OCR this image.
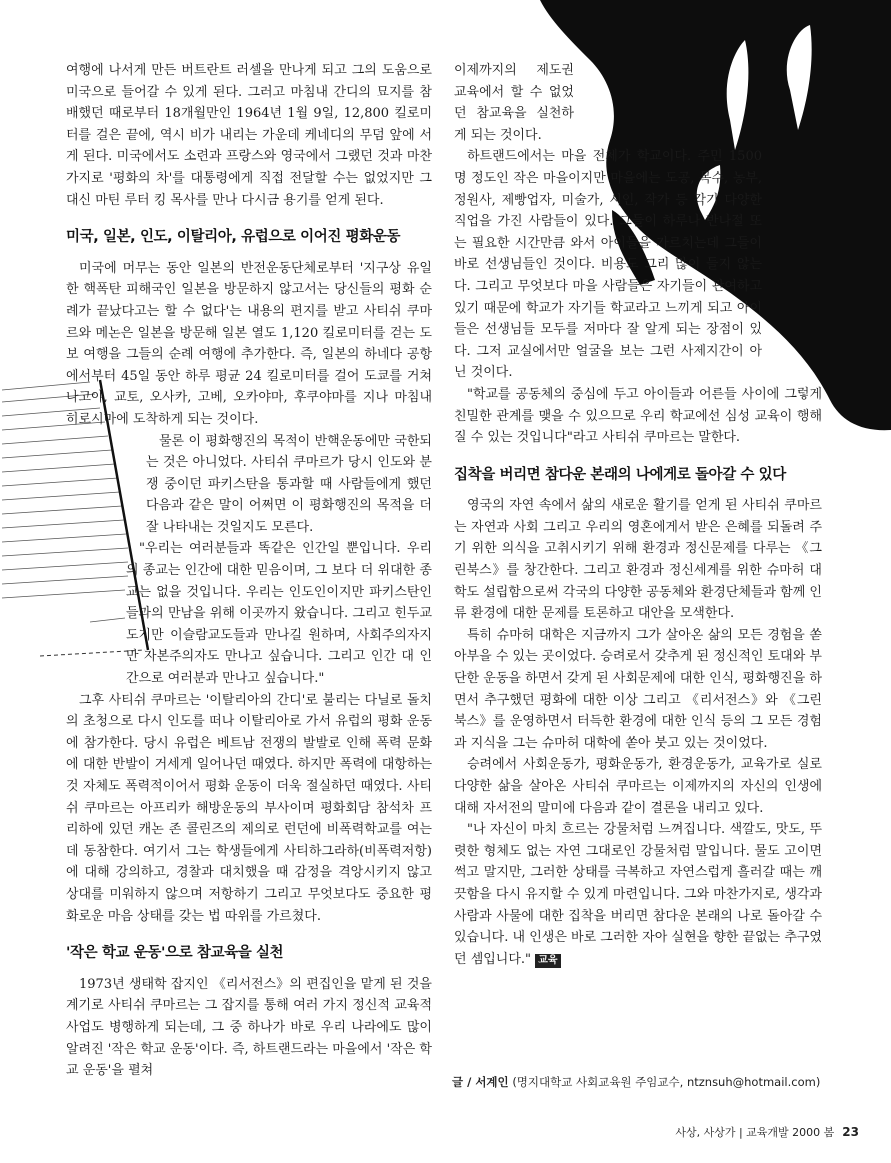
여행에 나서게 만든 버트란트 러셀을 만나게 되고 그의 도움으로 미국으로 들어갈 수 있게 된다. 그러고 마침내 간디의 묘지를 참배했던 때로부터 18개월만인 1964년 1월 9일, 12,800 킬로미터를 걸은 끝에, 역시 비가 내리는 가운데 케네디의 무덤 앞에 서게 된다. 미국에서도 소련과 프랑스와 영국에서 그랬던 것과 마찬가지로 '평화의 차'를 대통령에게 직접 전달할 수는 없었지만 그 대신 마틴 루터 킹 목사를 만나 다시금 용기를 얻게 된다.

미국, 일본, 인도, 이탈리아, 유럽으로 이어진 평화운동

미국에 머무는 동안 일본의 반전운동단체로부터 '지구상 유일한 핵폭탄 피해국인 일본을 방문하지 않고서는 당신들의 평화 순례가 끝났다고는 할 수 없다'는 내용의 편지를 받고 사티쉬 쿠마르와 메논은 일본을 방문해 일본 열도 1,120 킬로미터를 걷는 도보 여행을 그들의 순례 여행에 추가한다. 즉, 일본의 하네다 공항에서부터 45일 동안 하루 평균 24 킬로미터를 걸어 도쿄를 거쳐 나고야, 교토, 오사카, 고베, 오카야마, 후쿠야마를 지나 마침내 히로시마에 도착하게 되는 것이다.

물론 이 평화행진의 목적이 반핵운동에만 국한되는 것은 아니었다. 사티쉬 쿠마르가 당시 인도와 분쟁 중이던 파키스탄을 통과할 때 사람들에게 했던 다음과 같은 말이 어쩌면 이 평화행진의 목적을 더 잘 나타내는 것일지도 모른다.

"우리는 여러분들과 똑같은 인간일 뿐입니다. 우리의 종교는 인간에 대한 믿음이며, 그 보다 더 위대한 종교는 없을 것입니다. 우리는 인도인이지만 파키스탄인들과의 만남을 위해 이곳까지 왔습니다. 그리고 힌두교도지만 이슬람교도들과 만나길 원하며, 사회주의자지만 자본주의자도 만나고 싶습니다. 그리고 인간 대 인간으로 여러분과 만나고 싶습니다."

그후 사티쉬 쿠마르는 '이탈리아의 간디'로 불리는 다닐로 돌치의 초청으로 다시 인도를 떠나 이탈리아로 가서 유럽의 평화 운동에 참가한다. 당시 유럽은 베트남 전쟁의 발발로 인해 폭력 문화에 대한 반발이 거세게 일어나던 때였다. 하지만 폭력에 대항하는 것 자체도 폭력적이어서 평화 운동이 더욱 절실하던 때였다. 사티쉬 쿠마르는 아프리카 해방운동의 부사이며 평화회담 참석차 프리하에 있던 캐논 존 콜린즈의 제의로 런던에 비폭력학교를 여는 데 동참한다. 여기서 그는 학생들에게 사티하그라하(비폭력저항)에 대해 강의하고, 경찰과 대치했을 때 감정을 격앙시키지 않고 상대를 미워하지 않으며 저항하기 그리고 무엇보다도 중요한 평화로운 마음 상태를 갖는 법 따위를 가르쳤다.

'작은 학교 운동'으로 참교육을 실천

1973년 생태학 잡지인 《리서전스》의 편집인을 맡게 된 것을 계기로 사티쉬 쿠마르는 그 잡지를 통해 여러 가지 정신적 교육적 사업도 병행하게 되는데, 그 중 하나가 바로 우리 나라에도 많이 알려진 '작은 학교 운동'이다. 즉, 하트랜드라는 마을에서 '작은 학교 운동'을 펼쳐

이제까지의 제도권 교육에서 할 수 없었던 참교육을 실천하게 되는 것이다.

하트랜드에서는 마을 전체가 학교이다. 주민 1500명 정도인 작은 마을이지만 마을에는 도공, 목수, 농부, 정원사, 제빵업자, 미술가, 시인, 작가 등 각기 다양한 직업을 가진 사람들이 있다. 그들이 하루나 반나절 또는 필요한 시간만큼 와서 아이들을 가르치는데 그들이 바로 선생님들인 것이다. 비용도 그리 많이 들지 않는다. 그리고 무엇보다 마을 사람들은 자기들이 관여하고 있기 때문에 학교가 자기들 학교라고 느끼게 되고 아이들은 선생님들 모두를 저마다 잘 알게 되는 장점이 있다. 그저 교실에서만 얼굴을 보는 그런 사제지간이 아닌 것이다.

"학교를 공동체의 중심에 두고 아이들과 어른들 사이에 그렇게 친밀한 관계를 맺을 수 있으므로 우리 학교에선 심성 교육이 행해질 수 있는 것입니다"라고 사티쉬 쿠마르는 말한다.

집착을 버리면 참다운 본래의 나에게로 돌아갈 수 있다

영국의 자연 속에서 삶의 새로운 활기를 얻게 된 사티쉬 쿠마르는 자연과 사회 그리고 우리의 영혼에게서 받은 은혜를 되돌려 주기 위한 의식을 고취시키기 위해 환경과 정신문제를 다루는 《그린북스》를 창간한다. 그리고 환경과 정신세계를 위한 슈마허 대학도 설립함으로써 각국의 다양한 공동체와 환경단체들과 함께 인류 환경에 대한 문제를 토론하고 대안을 모색한다.

특히 슈마허 대학은 지금까지 그가 살아온 삶의 모든 경험을 쏟아부을 수 있는 곳이었다. 승려로서 갖추게 된 정신적인 토대와 부단한 운동을 하면서 갖게 된 사회문제에 대한 인식, 평화행진을 하면서 추구했던 평화에 대한 이상 그리고 《리서전스》와 《그린북스》를 운영하면서 터득한 환경에 대한 인식 등의 그 모든 경험과 지식을 그는 슈마허 대학에 쏟아 붓고 있는 것이었다.

승려에서 사회운동가, 평화운동가, 환경운동가, 교육가로 실로 다양한 삶을 살아온 사티쉬 쿠마르는 이제까지의 자신의 인생에 대해 자서전의 말미에 다음과 같이 결론을 내리고 있다.

"나 자신이 마치 흐르는 강물처럼 느껴집니다. 색깔도, 맛도, 뚜렷한 형체도 없는 자연 그대로인 강물처럼 말입니다. 물도 고이면 썩고 말지만, 그러한 상태를 극복하고 자연스럽게 흘러갈 때는 깨끗함을 다시 유지할 수 있게 마련입니다. 그와 마찬가지로, 생각과 사람과 사물에 대한 집착을 버리면 참다운 본래의 나로 돌아갈 수 있습니다. 내 인생은 바로 그러한 자아 실현을 향한 끝없는 추구였던 셈입니다." 교육

글 / 서계인 (명지대학교 사회교육원 주임교수, ntznsuh@hotmail.com)
사상, 사상가 | 교육개발 2000 봄 23
